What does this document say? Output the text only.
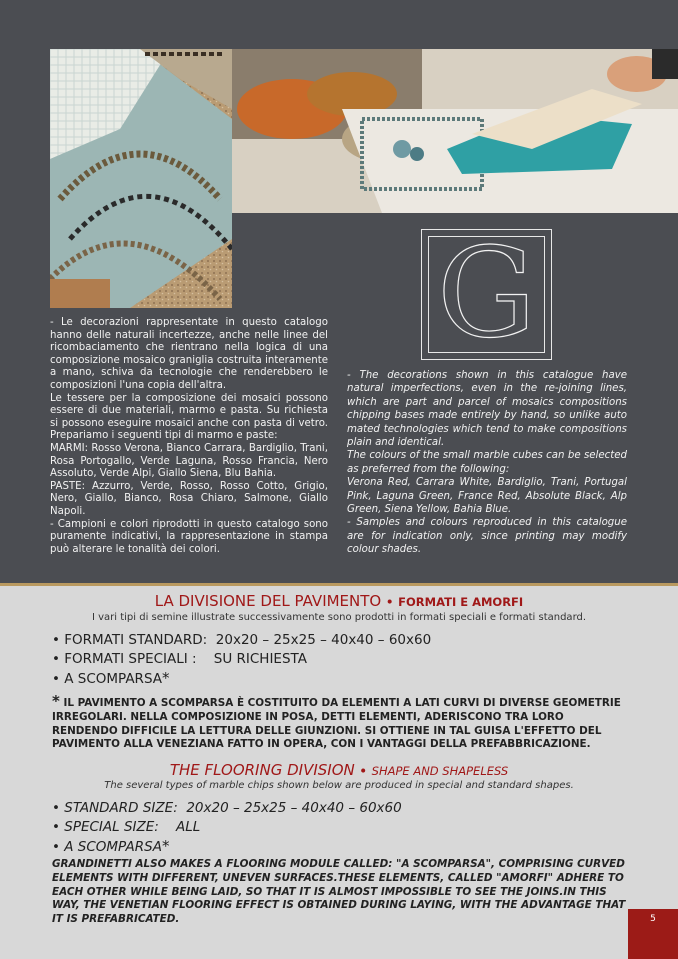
G

- Le decorazioni rappresentate in questo catalogo hanno delle naturali incertezze, anche nelle linee del ricombaciamento che rientrano nella logica di una composizione mosaico graniglia costruita interamente a mano, schiva da tecnologie che renderebbero le composizioni l'una copia dell'altra.

Le tessere per la composizione dei mosaici possono essere di due materiali, marmo e pasta. Su richiesta si possono eseguire mosaici anche con pasta di vetro. Prepariamo i seguenti tipi di marmo e paste:

MARMI: Rosso Verona, Bianco Carrara, Bardiglio, Trani, Rosa Portogallo, Verde Laguna, Rosso Francia, Nero Assoluto, Verde Alpi, Giallo Siena, Blu Bahia.

PASTE: Azzurro, Verde, Rosso, Rosso Cotto, Grigio, Nero, Giallo, Bianco, Rosa Chiaro, Salmone, Giallo Napoli.

- Campioni e colori riprodotti in questo catalogo sono puramente indicativi, la rappresentazione in stampa può alterare le tonalità dei colori.

- The decorations shown in this catalogue have natural imperfections, even in the re-joining lines, which are part and parcel of mosaics compositions chipping bases made entirely by hand, so unlike auto mated technologies which tend to make compositions plain and identical.

The colours of the small marble cubes can be selected as preferred from the following:

Verona Red, Carrara White, Bardiglio, Trani, Portugal Pink, Laguna Green, France Red, Absolute Black, Alp Green, Siena Yellow, Bahia Blue.

- Samples and colours reproduced in this catalogue are for indication only, since printing may modify colour shades.

LA DIVISIONE DEL PAVIMENTO • FORMATI E AMORFI
I vari tipi di semine illustrate successivamente sono prodotti in formati speciali e formati standard.
• FORMATI STANDARD:  20x20 – 25x25 – 40x40 – 60x60
• FORMATI SPECIALI :    SU RICHIESTA
• A SCOMPARSA*
* IL PAVIMENTO A SCOMPARSA È COSTITUITO DA ELEMENTI A LATI CURVI DI DIVERSE GEOMETRIE IRREGOLARI. NELLA COMPOSIZIONE IN POSA, DETTI ELEMENTI, ADERISCONO TRA LORO RENDENDO DIFFICILE LA LETTURA DELLE GIUNZIONI. SI OTTIENE IN TAL GUISA L'EFFETTO DEL PAVIMENTO ALLA VENEZIANA FATTO IN OPERA, CON I VANTAGGI DELLA PREFABBRICAZIONE.
THE FLOORING DIVISION • SHAPE AND SHAPELESS
The several types of marble chips shown below are produced in special and standard shapes.
• STANDARD SIZE:  20x20 – 25x25 – 40x40 – 60x60
• SPECIAL SIZE:    ALL
• A SCOMPARSA*
GRANDINETTI ALSO MAKES A FLOORING MODULE CALLED: "A SCOMPARSA", COMPRISING CURVED ELEMENTS WITH DIFFERENT, UNEVEN SURFACES.THESE ELEMENTS, CALLED "AMORFI" ADHERE TO EACH OTHER WHILE BEING LAID, SO THAT IT IS ALMOST IMPOSSIBLE TO SEE THE JOINS.IN THIS WAY, THE VENETIAN FLOORING EFFECT IS OBTAINED DURING LAYING, WITH THE ADVANTAGE THAT IT IS PREFABRICATED.	5
